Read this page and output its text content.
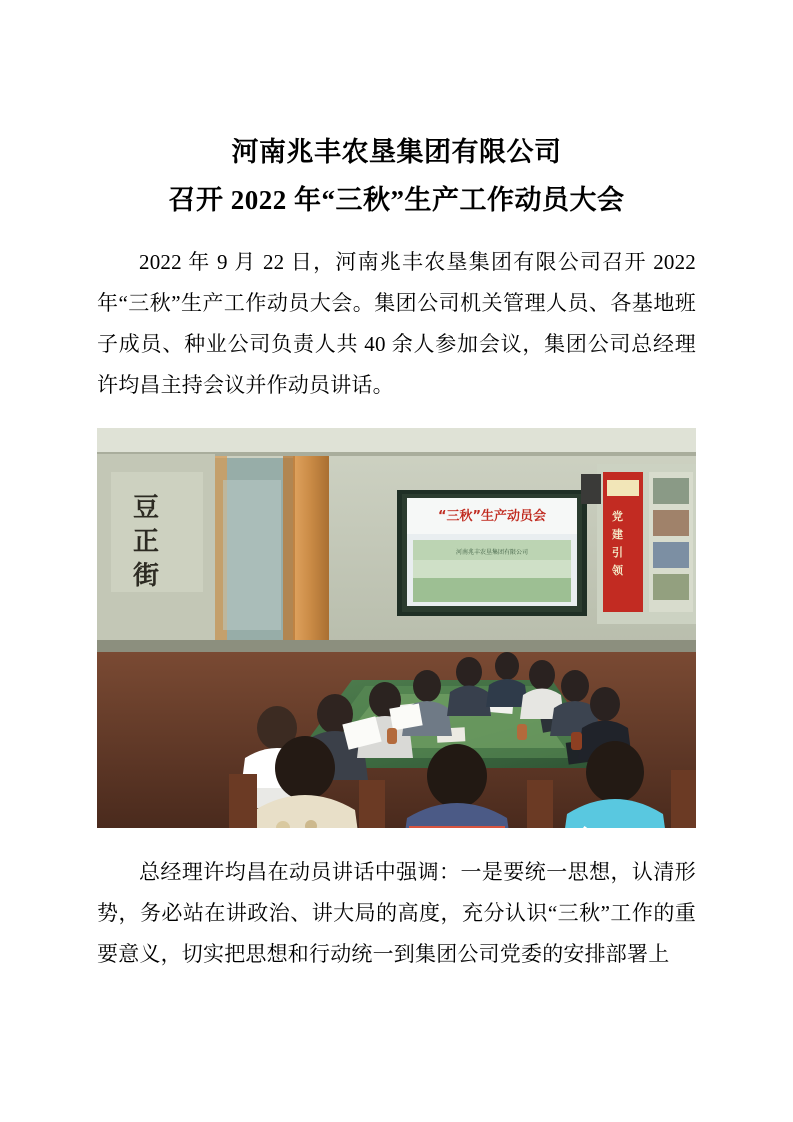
河南兆丰农垦集团有限公司
召开 2022 年“三秋”生产工作动员大会

2022 年 9 月 22 日，河南兆丰农垦集团有限公司召开 2022 年“三秋”生产工作动员大会。集团公司机关管理人员、各基地班子成员、种业公司负责人共 40 余人参加会议，集团公司总经理许均昌主持会议并作动员讲话。

豆
正
街
“三秋”生产动员会
河南兆丰农垦集团有限公司
党
建
引
领

总经理许均昌在动员讲话中强调：一是要统一思想，认清形势，务必站在讲政治、讲大局的高度，充分认识“三秋”工作的重要意义，切实把思想和行动统一到集团公司党委的安排部署上
